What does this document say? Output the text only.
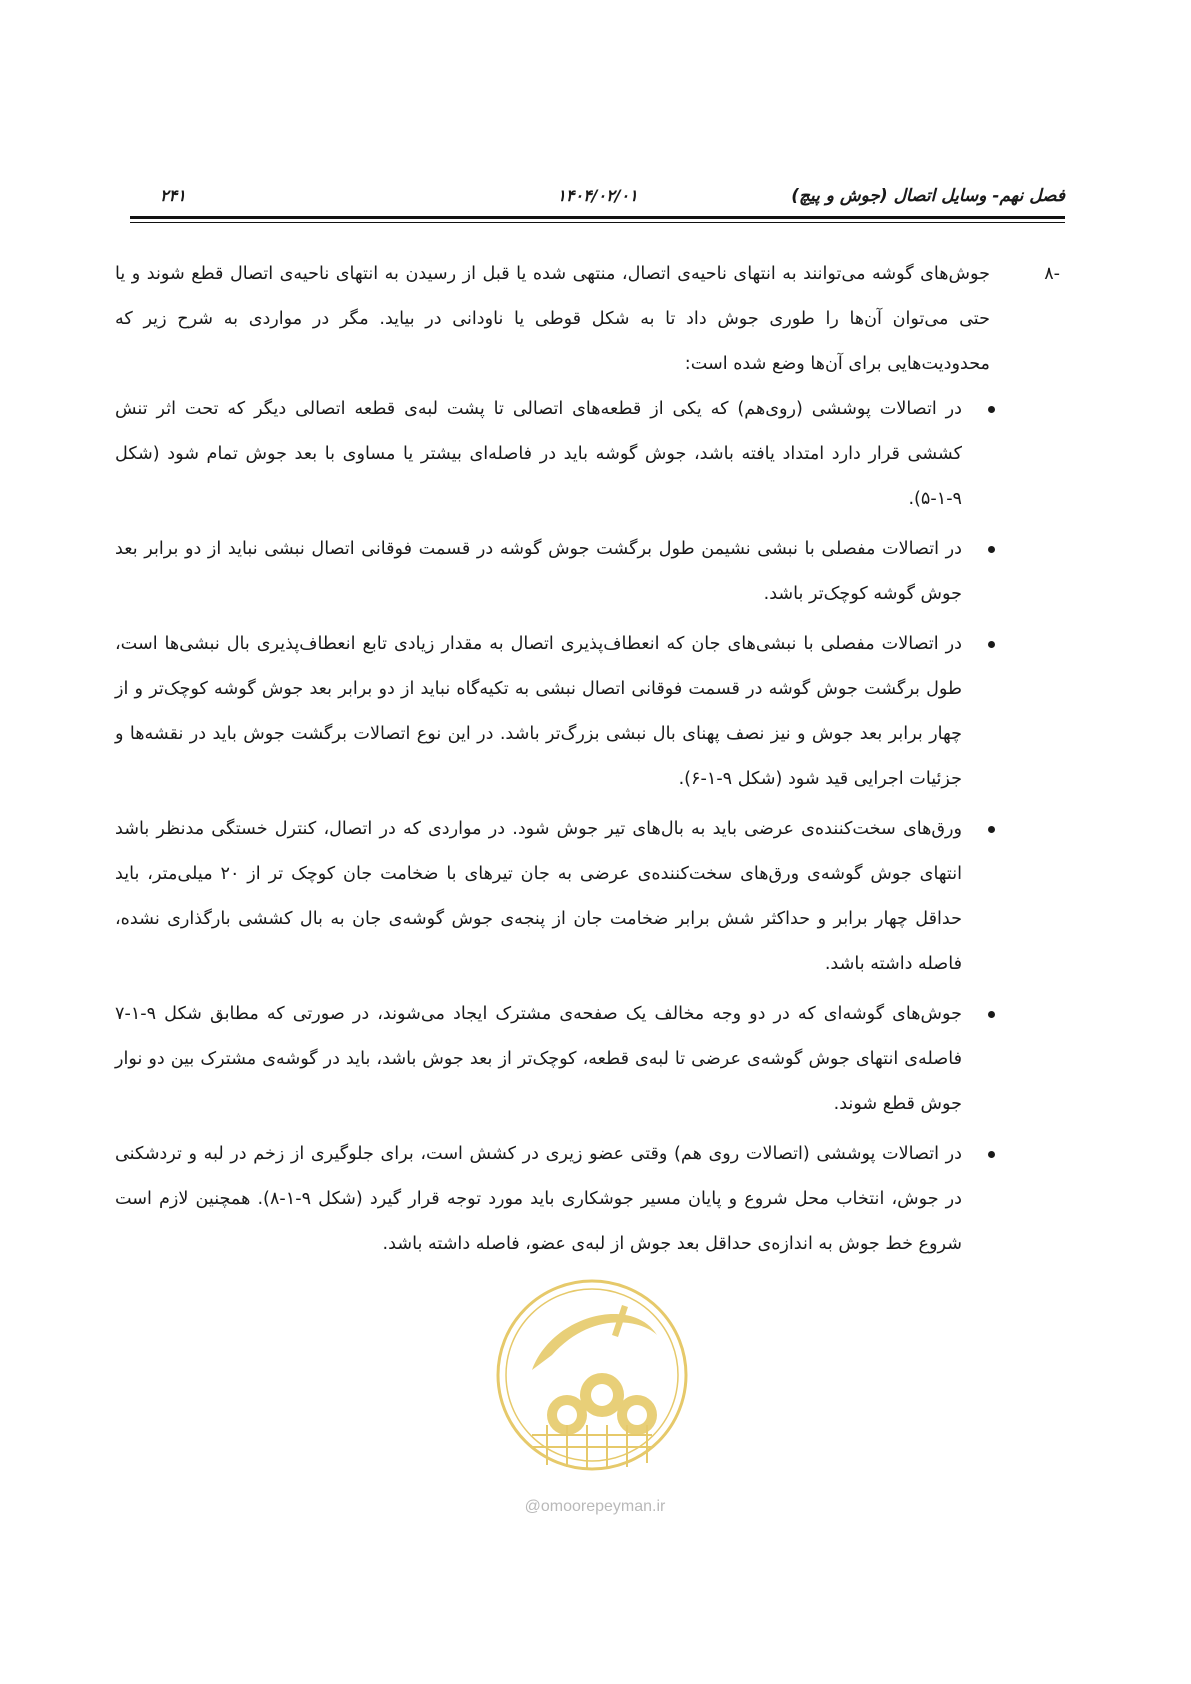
فصل نهم- وسایل اتصال (جوش و پیچ)
۱۴۰۴/۰۲/۰۱
۲۴۱
-۸

جوش‌های گوشه می‌توانند به انتهای ناحیه‌ی اتصال، منتهی شده یا قبل از رسیدن به انتهای ناحیه‌ی اتصال قطع شوند و یا حتی می‌توان آن‌ها را طوری جوش داد تا به شکل قوطی یا ناودانی در بیاید. مگر در مواردی به شرح زیر که محدودیت‌هایی برای آن‌ها وضع شده است:

در اتصالات پوششی (روی‌هم) که یکی از قطعه‌های اتصالی تا پشت لبه‌ی قطعه اتصالی دیگر که تحت اثر تنش کششی قرار دارد امتداد یافته باشد، جوش گوشه باید در فاصله‌ای بیشتر یا مساوی با بعد جوش تمام شود (شکل ۹-۱-۵).
در اتصالات مفصلی با نبشی نشیمن طول برگشت جوش گوشه در قسمت فوقانی اتصال نبشی نباید از دو برابر بعد جوش گوشه کوچک‌تر باشد.
در اتصالات مفصلی با نبشی‌های جان که انعطاف‌پذیری اتصال به مقدار زیادی تابع انعطاف‌پذیری بال نبشی‌ها است، طول برگشت جوش گوشه در قسمت فوقانی اتصال نبشی به تکیه‌گاه نباید از دو برابر بعد جوش گوشه کوچک‌تر و از چهار برابر بعد جوش و نیز نصف پهنای بال نبشی بزرگ‌تر باشد. در این نوع اتصالات برگشت جوش باید در نقشه‌ها و جزئیات اجرایی قید شود (شکل ۹-۱-۶).
ورق‌های سخت‌کننده‌ی عرضی باید به بال‌های تیر جوش شود. در مواردی که در اتصال، کنترل خستگی مدنظر باشد انتهای جوش گوشه‌ی ورق‌های سخت‌کننده‌ی عرضی به جان تیرهای با ضخامت جان کوچک تر از ۲۰ میلی‌متر، باید حداقل چهار برابر و حداکثر شش برابر ضخامت جان از پنجه‌ی جوش گوشه‌ی جان به بال کششی بارگذاری نشده، فاصله داشته باشد.
جوش‌های گوشه‌ای که در دو وجه مخالف یک صفحه‌ی مشترک ایجاد می‌شوند، در صورتی که مطابق شکل ۹-۱-۷ فاصله‌ی انتهای جوش گوشه‌ی عرضی تا لبه‌ی قطعه، کوچک‌تر از بعد جوش باشد، باید در گوشه‌ی مشترک بین دو نوار جوش قطع شوند.
در اتصالات پوششی (اتصالات روی هم) وقتی عضو زیری در کشش است، برای جلوگیری از زخم در لبه و تردشکنی در جوش، انتخاب محل شروع و پایان مسیر جوشکاری باید مورد توجه قرار گیرد (شکل ۹-۱-۸). همچنین لازم است شروع خط جوش به اندازه‌ی حداقل بعد جوش از لبه‌ی عضو، فاصله داشته باشد.
@omoorepeyman.ir
